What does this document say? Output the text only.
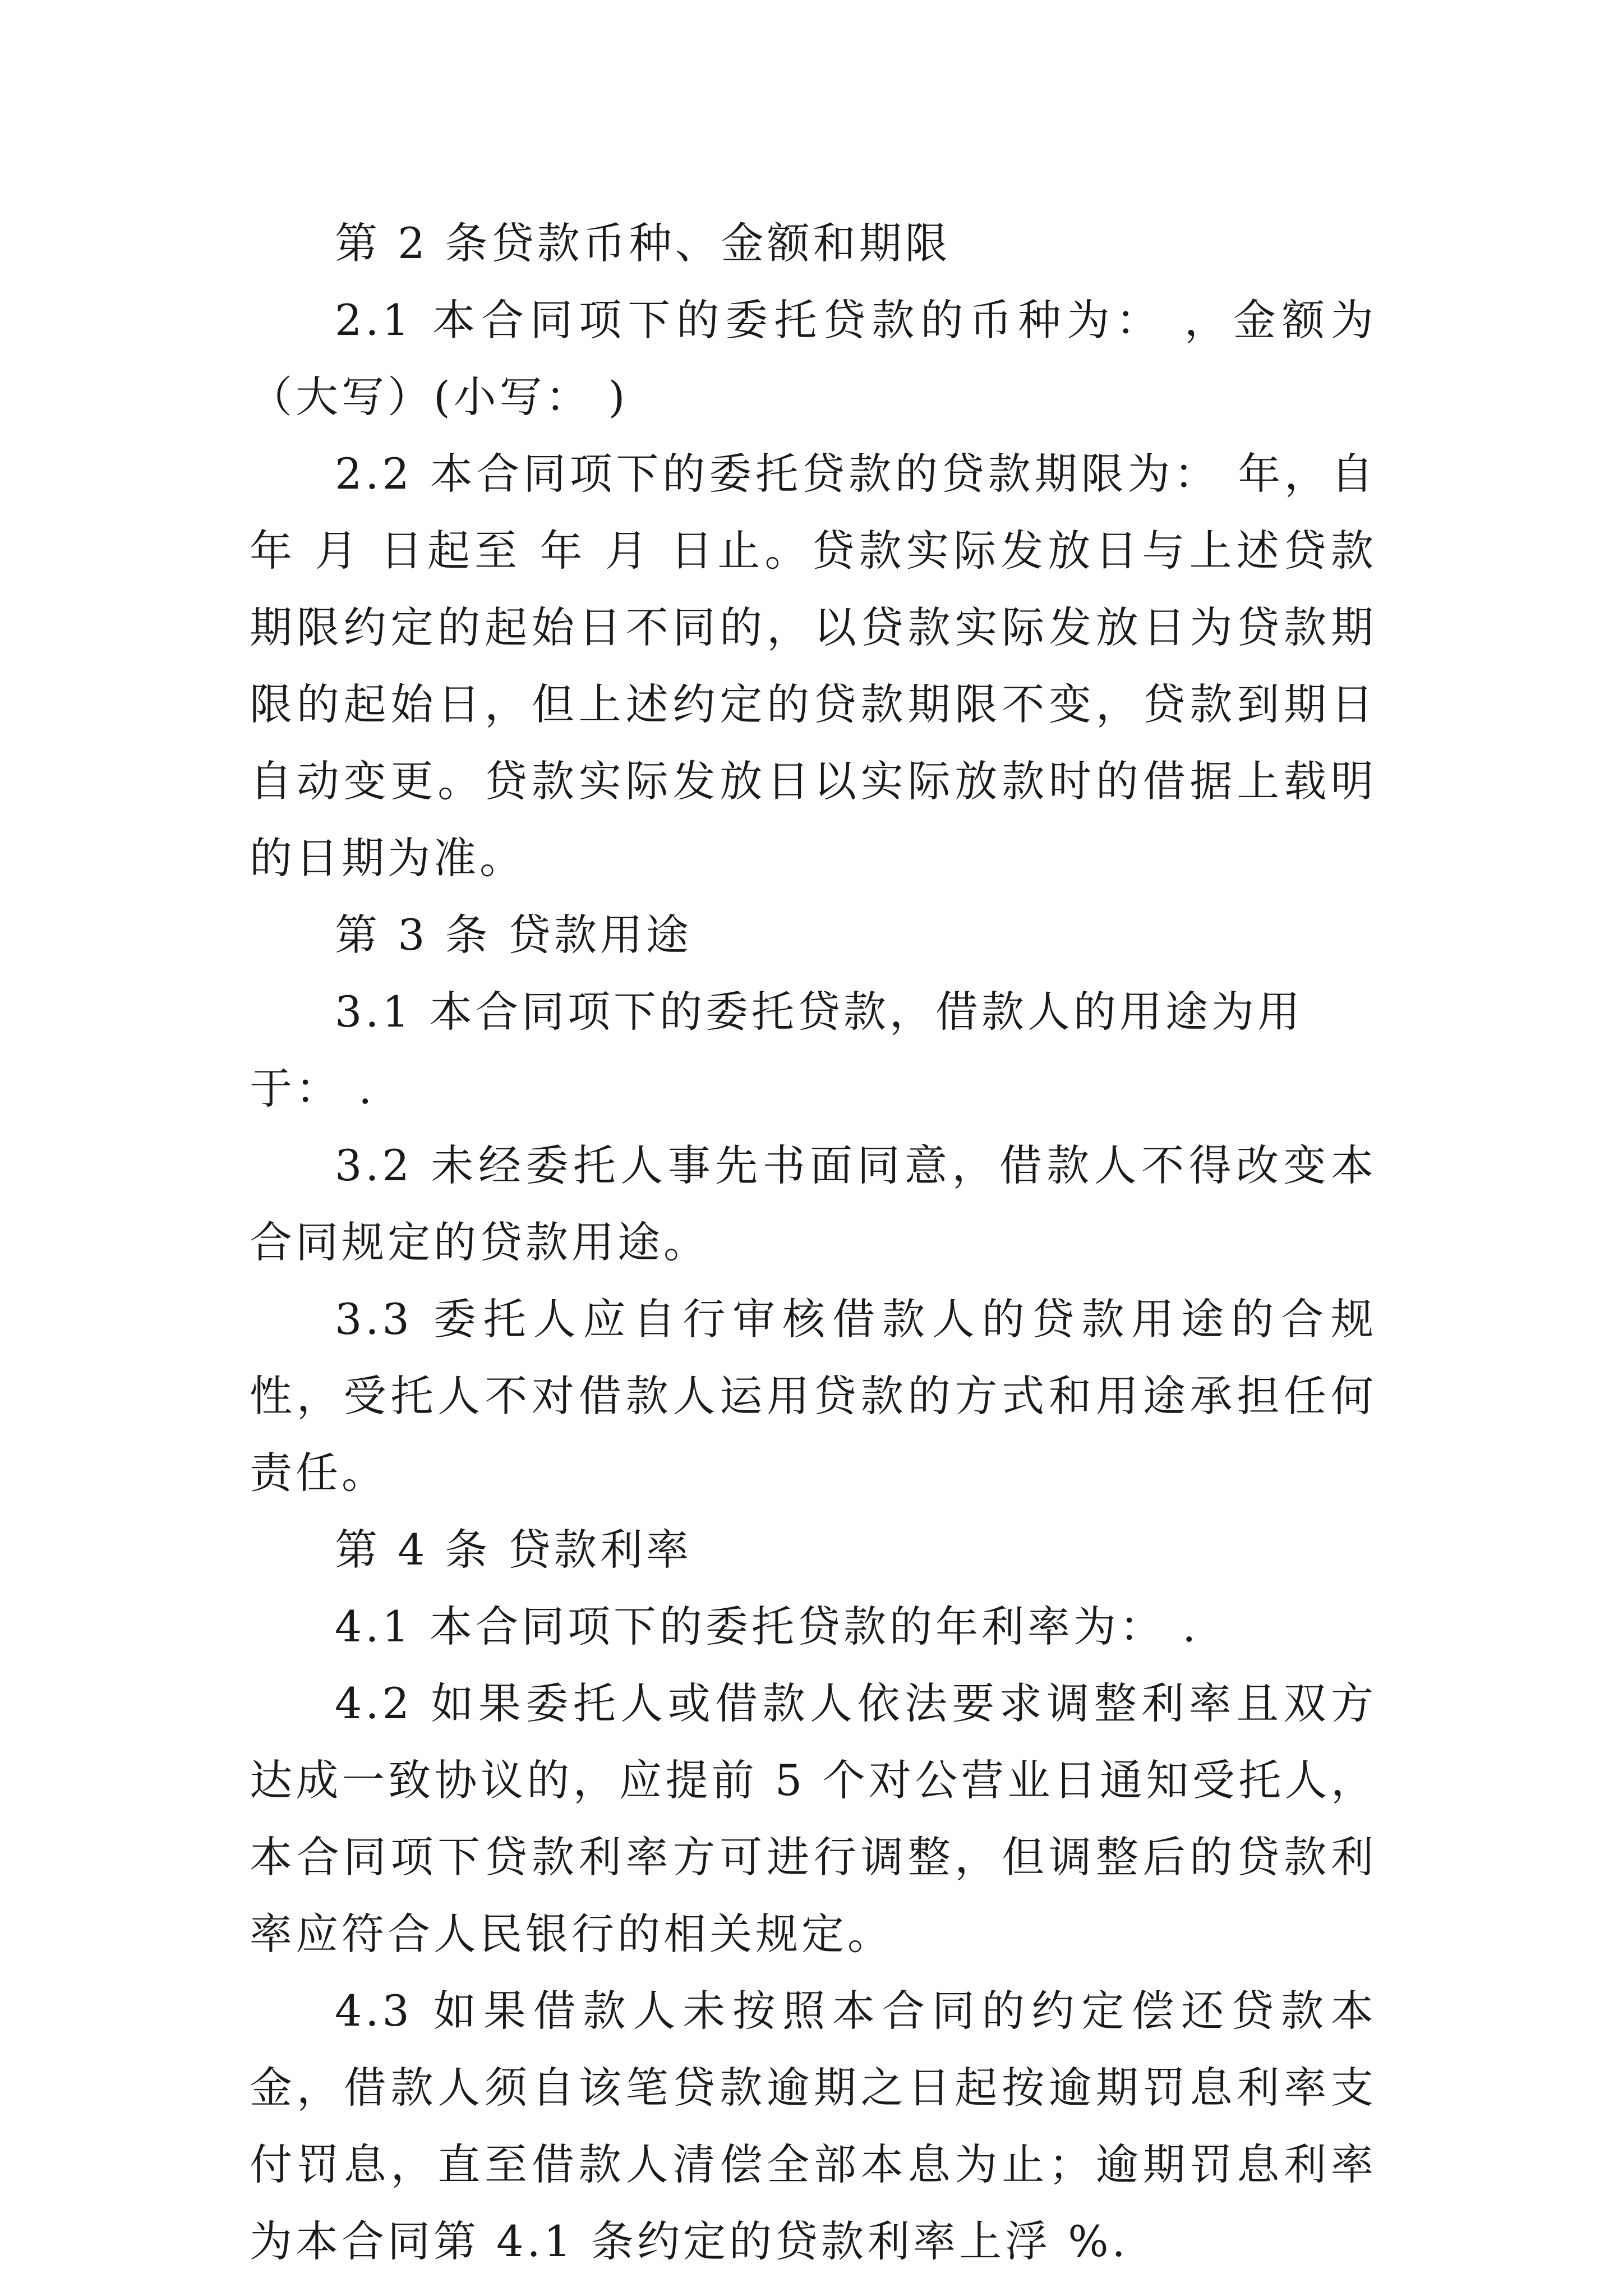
第 2 条贷款币种、金额和期限

2.1 本合同项下的委托贷款的币种为： ，金额为（大写）(小写： )

2.2 本合同项下的委托贷款的贷款期限为： 年，自 年 月 日起至 年 月 日止。贷款实际发放日与上述贷款期限约定的起始日不同的，以贷款实际发放日为贷款期限的起始日，但上述约定的贷款期限不变，贷款到期日自动变更。贷款实际发放日以实际放款时的借据上载明的日期为准。

第 3 条 贷款用途

3.1 本合同项下的委托贷款，借款人的用途为用于： .

3.2 未经委托人事先书面同意，借款人不得改变本合同规定的贷款用途。

3.3 委托人应自行审核借款人的贷款用途的合规性，受托人不对借款人运用贷款的方式和用途承担任何责任。

第 4 条 贷款利率

4.1 本合同项下的委托贷款的年利率为： .

4.2 如果委托人或借款人依法要求调整利率且双方达成一致协议的，应提前 5 个对公营业日通知受托人，本合同项下贷款利率方可进行调整，但调整后的贷款利率应符合人民银行的相关规定。

4.3 如果借款人未按照本合同的约定偿还贷款本金，借款人须自该笔贷款逾期之日起按逾期罚息利率支付罚息，直至借款人清偿全部本息为止；逾期罚息利率为本合同第 4.1 条约定的贷款利率上浮 %.
